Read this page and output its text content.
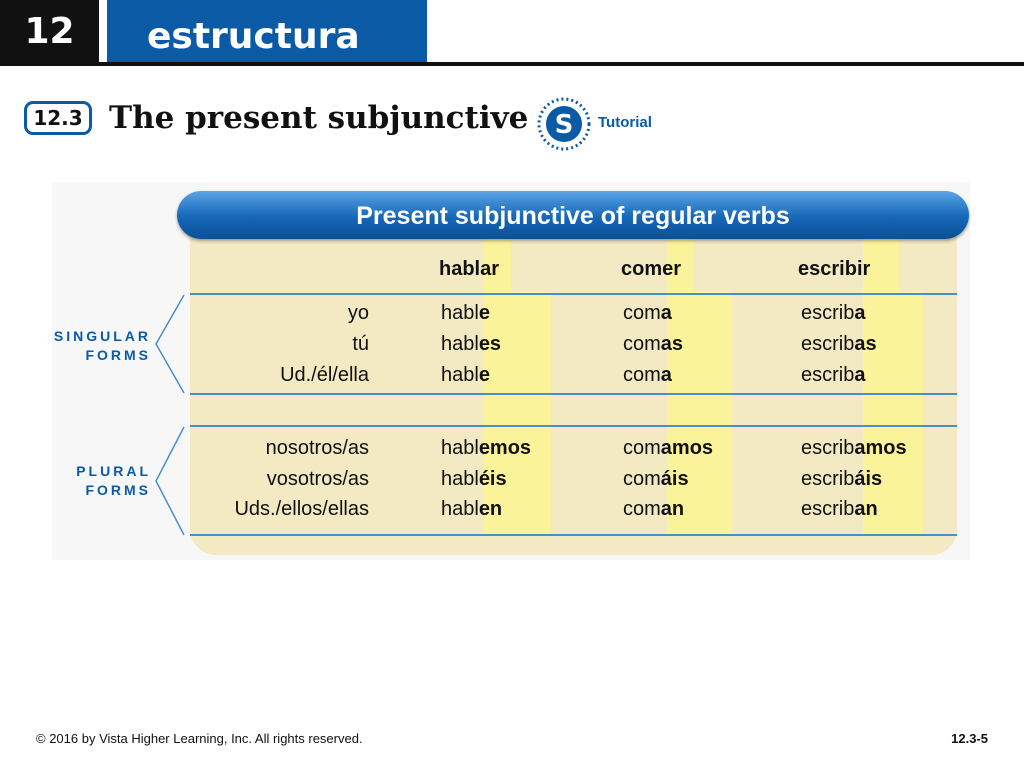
12	estructura
12.3 The present subjunctive S Tutorial
Present subjunctive of regular verbs
hablar	comer	escribir
SINGULAR
FORMS
PLURAL
FORMS
yo	hable	coma	escriba
tú	hables	comas	escribas
Ud./él/ella	hable	coma	escriba
nosotros/as	hablemos	comamos	escribamos
vosotros/as	habléis	comáis	escribáis
Uds./ellos/ellas	hablen	coman	escriban
© 2016 by Vista Higher Learning, Inc. All rights reserved.	12.3-5
